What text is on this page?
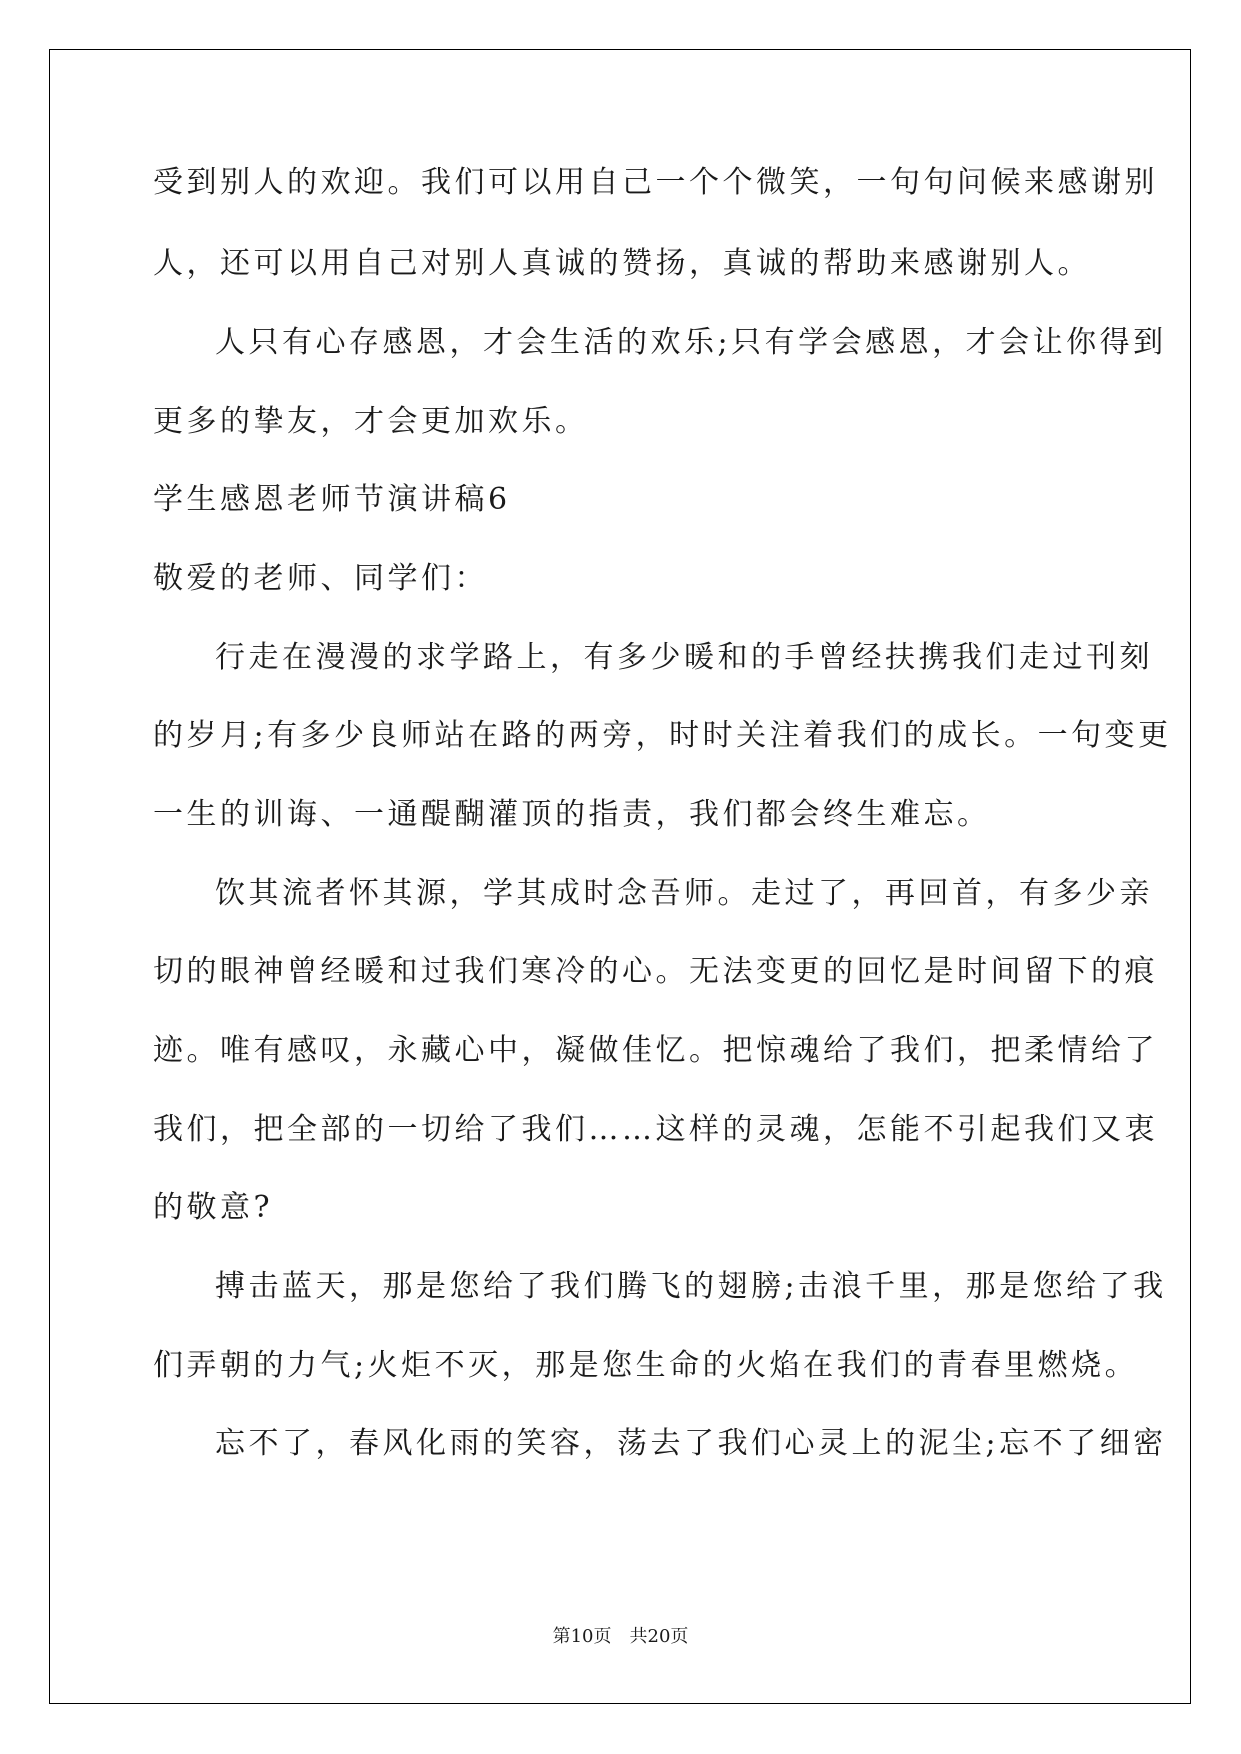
受到别人的欢迎。我们可以用自己一个个微笑，一句句问候来感谢别
人，还可以用自己对别人真诚的赞扬，真诚的帮助来感谢别人。
人只有心存感恩，才会生活的欢乐;只有学会感恩，才会让你得到
更多的挚友，才会更加欢乐。
学生感恩老师节演讲稿6
敬爱的老师、同学们：
行走在漫漫的求学路上，有多少暖和的手曾经扶携我们走过刊刻
的岁月;有多少良师站在路的两旁，时时关注着我们的成长。一句变更
一生的训诲、一通醍醐灌顶的指责，我们都会终生难忘。
饮其流者怀其源，学其成时念吾师。走过了，再回首，有多少亲
切的眼神曾经暖和过我们寒冷的心。无法变更的回忆是时间留下的痕
迹。唯有感叹，永藏心中，凝做佳忆。把惊魂给了我们，把柔情给了
我们，把全部的一切给了我们……这样的灵魂，怎能不引起我们又衷
的敬意?
搏击蓝天，那是您给了我们腾飞的翅膀;击浪千里，那是您给了我
们弄朝的力气;火炬不灭，那是您生命的火焰在我们的青春里燃烧。
忘不了，春风化雨的笑容，荡去了我们心灵上的泥尘;忘不了细密
第10页　共20页
